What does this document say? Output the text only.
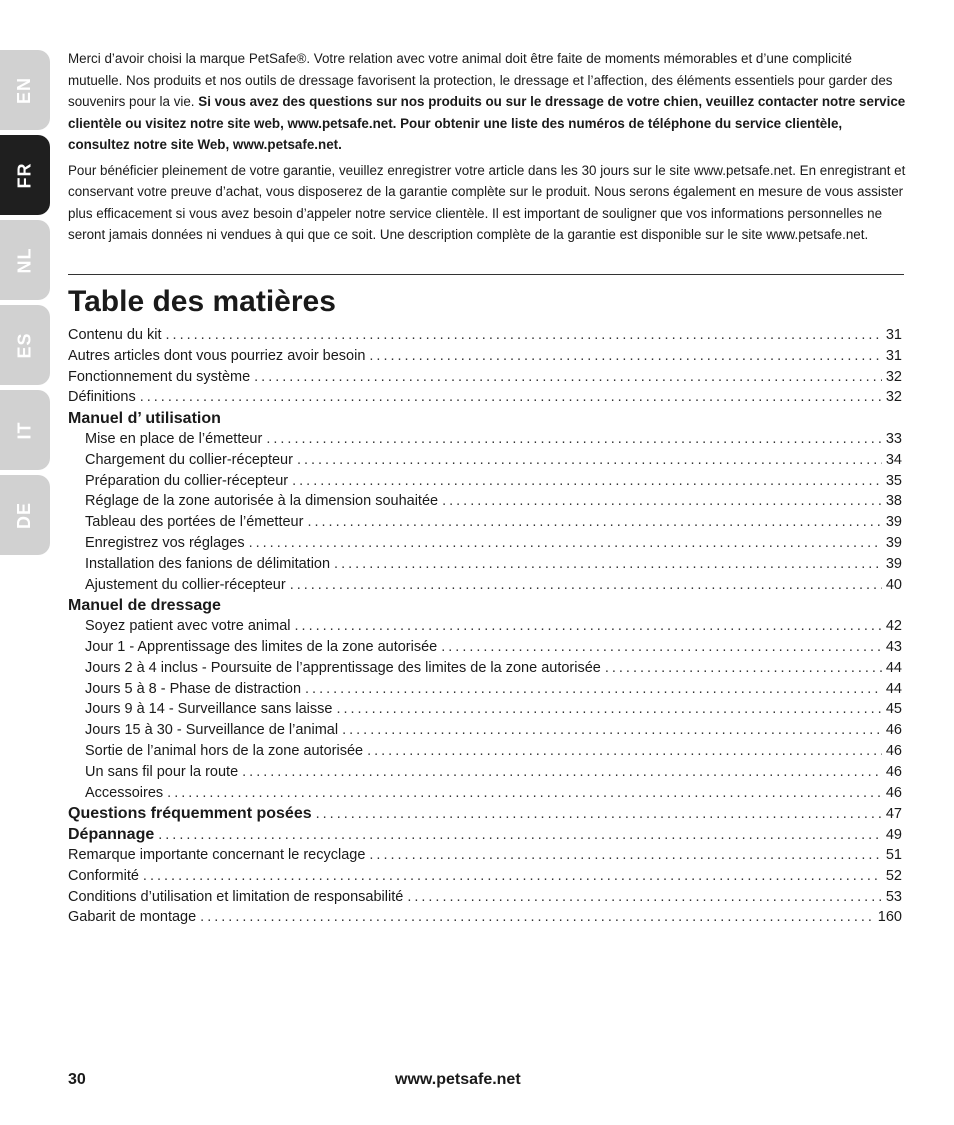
EN
FR
NL
ES
IT
DE

Merci d’avoir choisi la marque PetSafe®. Votre relation avec votre animal doit être faite de moments mémorables et d’une complicité mutuelle. Nos produits et nos outils de dressage favorisent la protection, le dressage et l’affection, des éléments essentiels pour garder des souvenirs pour la vie. Si vous avez des questions sur nos produits ou sur le dressage de votre chien, veuillez contacter notre service clientèle ou visitez notre site web, www.petsafe.net. Pour obtenir une liste des numéros de téléphone du service clientèle, consultez notre site Web, www.petsafe.net.

Pour bénéficier pleinement de votre garantie, veuillez enregistrer votre article dans les 30 jours sur le site www.petsafe.net. En enregistrant et conservant votre preuve d’achat, vous disposerez de la garantie complète sur le produit. Nous serons également en mesure de vous assister plus efficacement si vous avez besoin d’appeler notre service clientèle. Il est important de souligner que vos informations personnelles ne seront jamais données ni vendues à qui que ce soit. Une description complète de la garantie est disponible sur le site www.petsafe.net.

Table des matières
Contenu du kit .....	31
Autres articles dont vous pourriez avoir besoin .....	31
Fonctionnement du système .....	32
Définitions .....	32
Manuel d’ utilisation
Mise en place de l’émetteur .....	33
Chargement du collier-récepteur .....	34
Préparation du collier-récepteur .....	35
Réglage de la zone autorisée à la dimension souhaitée .....	38
Tableau des portées de l’émetteur .....	39
Enregistrez vos réglages .....	39
Installation des fanions de délimitation .....	39
Ajustement du collier-récepteur .....	40
Manuel de dressage
Soyez patient avec votre animal .....	42
Jour 1 - Apprentissage des limites de la zone autorisée .....	43
Jours 2 à 4 inclus - Poursuite de l’apprentissage des limites de la zone autorisée .....	44
Jours 5 à 8 - Phase de distraction .....	44
Jours 9 à 14 - Surveillance sans laisse .....	45
Jours 15 à 30 - Surveillance de l’animal .....	46
Sortie de l’animal hors de la zone autorisée .....	46
Un sans fil pour la route .....	46
Accessoires .....	46
Questions fréquemment posées .....	47
Dépannage .....	49
Remarque importante concernant le recyclage .....	51
Conformité .....	52
Conditions d’utilisation et limitation de responsabilité .....	53
Gabarit de montage .....	160
30	www.petsafe.net
